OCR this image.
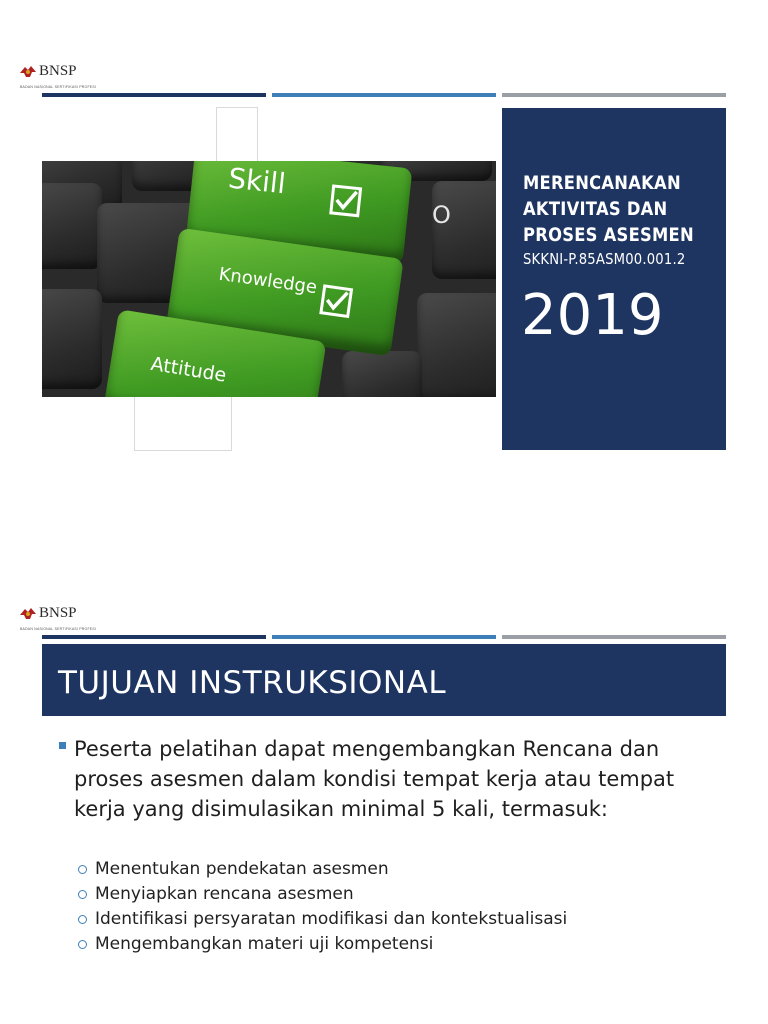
BNSP
BADAN NASIONAL SERTIFIKASI PROFESI
Skill
Knowledge
Attitude
O
MERENCANAKAN AKTIVITAS DAN PROSES ASESMEN
SKKNI-P.85ASM00.001.2
2019
BNSP
BADAN NASIONAL SERTIFIKASI PROFESI
TUJUAN INSTRUKSIONAL
Peserta pelatihan dapat mengembangkan Rencana dan proses asesmen dalam kondisi tempat kerja atau tempat kerja yang disimulasikan minimal 5 kali, termasuk:
Menentukan pendekatan asesmen
Menyiapkan rencana asesmen
Identifikasi persyaratan modifikasi dan kontekstualisasi
Mengembangkan materi uji kompetensi
